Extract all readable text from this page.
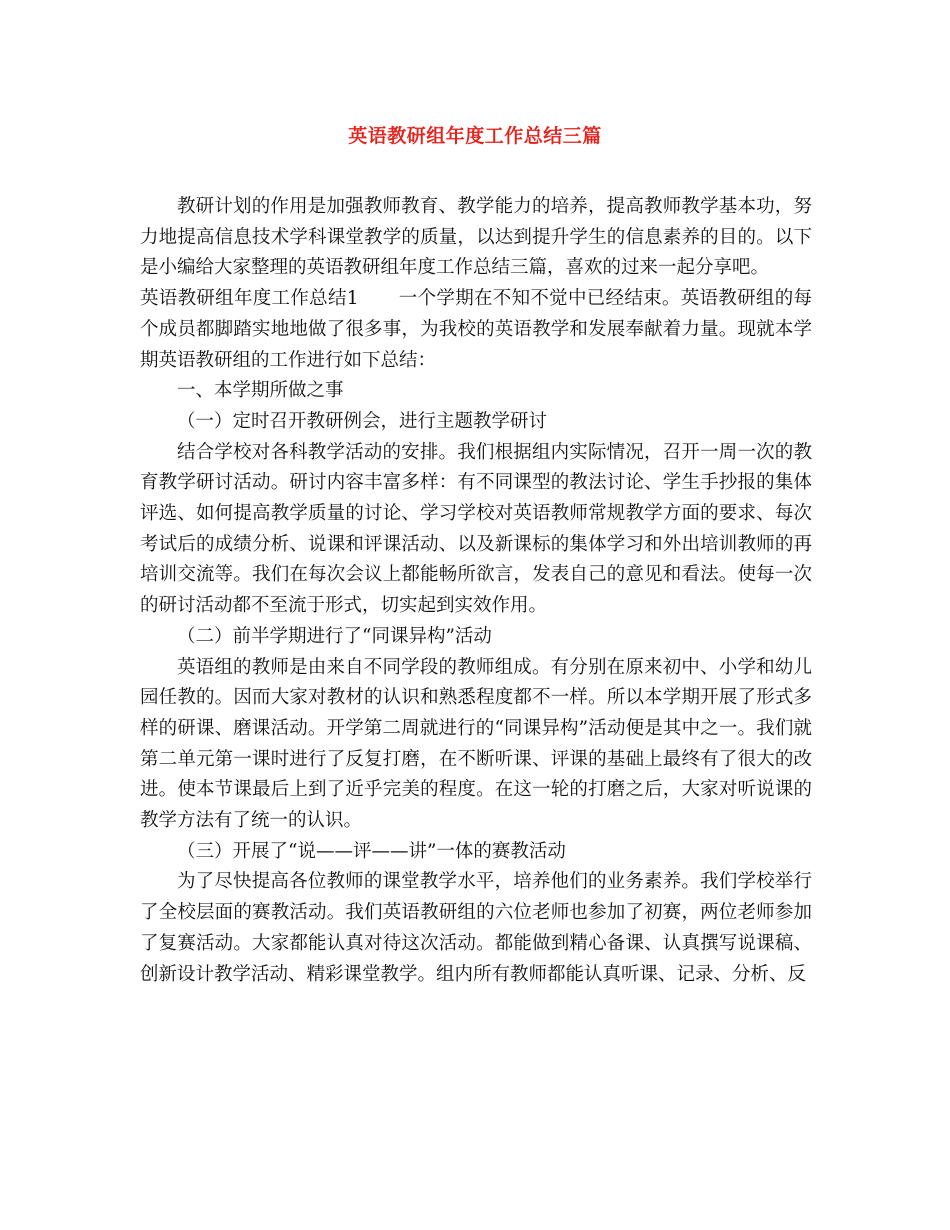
英语教研组年度工作总结三篇

教研计划的作用是加强教师教育、教学能力的培养，提高教师教学基本功，努力地提高信息技术学科课堂教学的质量，以达到提升学生的信息素养的目的。以下是小编给大家整理的英语教研组年度工作总结三篇，喜欢的过来一起分享吧。

英语教研组年度工作总结1 一个学期在不知不觉中已经结束。英语教研组的每个成员都脚踏实地地做了很多事，为我校的英语教学和发展奉献着力量。现就本学期英语教研组的工作进行如下总结：

一、本学期所做之事

（一）定时召开教研例会，进行主题教学研讨

结合学校对各科教学活动的安排。我们根据组内实际情况，召开一周一次的教育教学研讨活动。研讨内容丰富多样：有不同课型的教法讨论、学生手抄报的集体评选、如何提高教学质量的讨论、学习学校对英语教师常规教学方面的要求、每次考试后的成绩分析、说课和评课活动、以及新课标的集体学习和外出培训教师的再培训交流等。我们在每次会议上都能畅所欲言，发表自己的意见和看法。使每一次的研讨活动都不至流于形式，切实起到实效作用。

（二）前半学期进行了“同课异构”活动

英语组的教师是由来自不同学段的教师组成。有分别在原来初中、小学和幼儿园任教的。因而大家对教材的认识和熟悉程度都不一样。所以本学期开展了形式多样的研课、磨课活动。开学第二周就进行的“同课异构”活动便是其中之一。我们就第二单元第一课时进行了反复打磨，在不断听课、评课的基础上最终有了很大的改进。使本节课最后上到了近乎完美的程度。在这一轮的打磨之后，大家对听说课的教学方法有了统一的认识。

（三）开展了“说——评——讲”一体的赛教活动

为了尽快提高各位教师的课堂教学水平，培养他们的业务素养。我们学校举行了全校层面的赛教活动。我们英语教研组的六位老师也参加了初赛，两位老师参加了复赛活动。大家都能认真对待这次活动。都能做到精心备课、认真撰写说课稿、创新设计教学活动、精彩课堂教学。组内所有教师都能认真听课、记录、分析、反
